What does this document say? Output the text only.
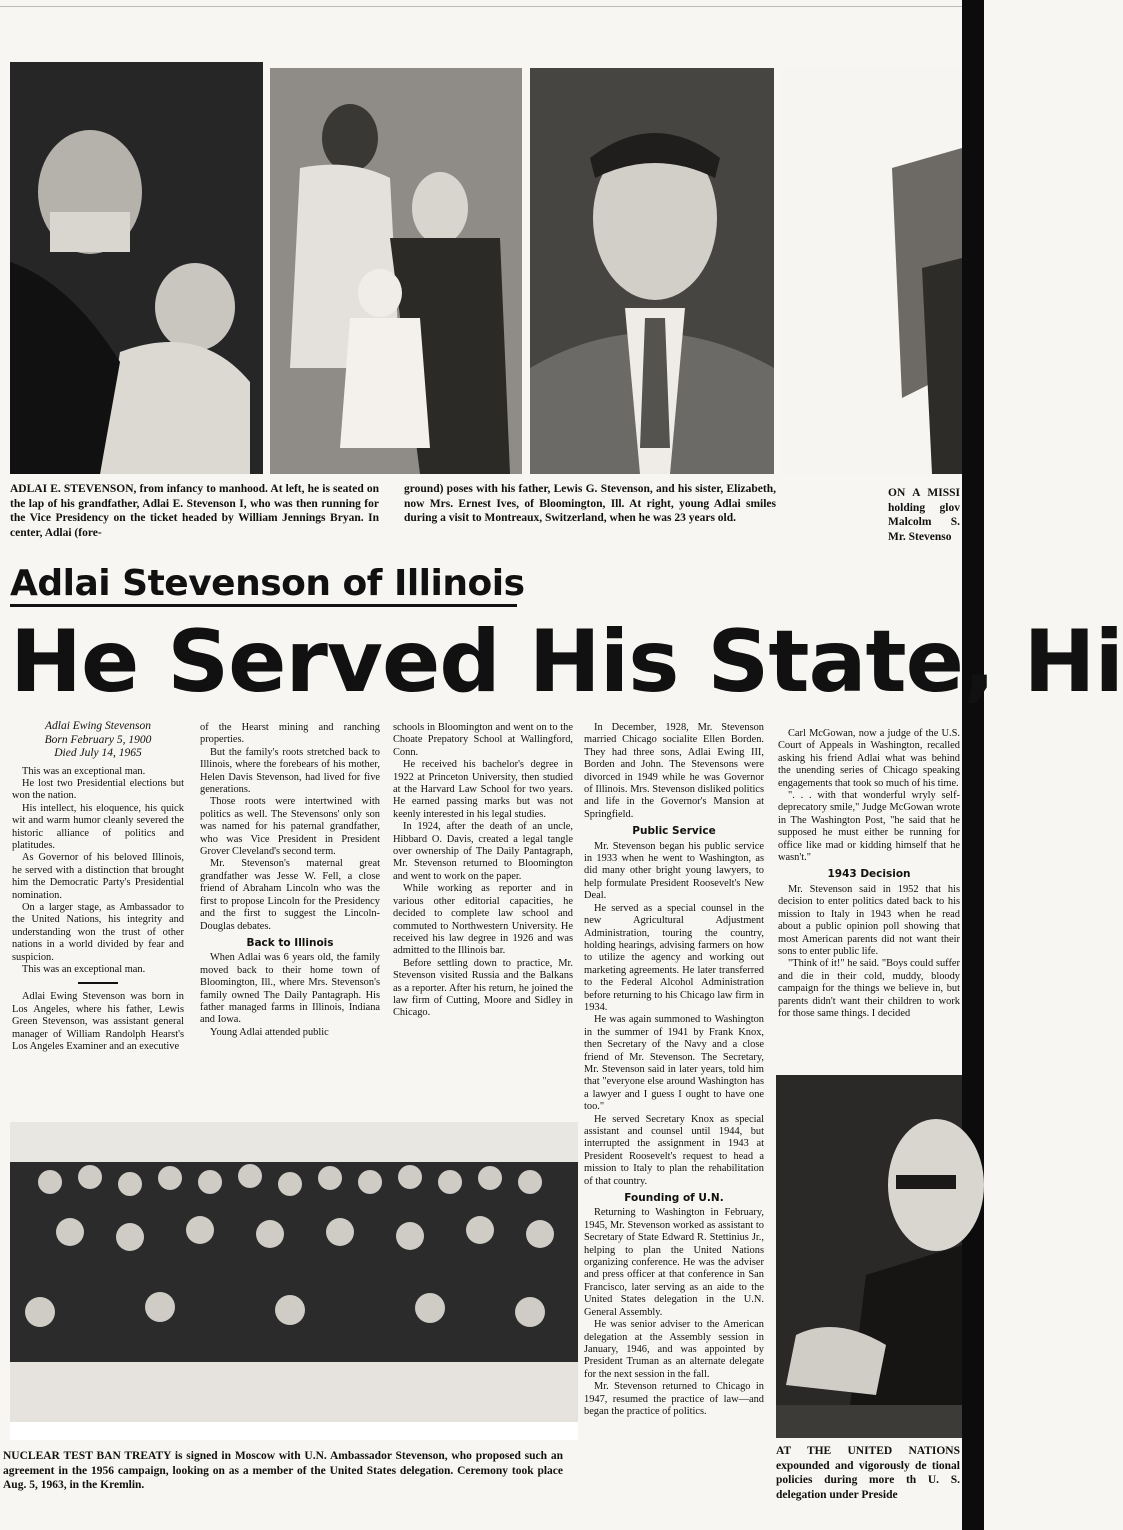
ADLAI E. STEVENSON, from infancy to manhood. At left, he is seated on the lap of his grandfather, Adlai E. Stevenson I, who was then running for the Vice Presidency on the ticket headed by William Jennings Bryan. In center, Adlai (fore-
ground) poses with his father, Lewis G. Stevenson, and his sister, Elizabeth, now Mrs. Ernest Ives, of Bloomington, Ill. At right, young Adlai smiles during a visit to Montreaux, Switzerland, when he was 23 years old.
ON A MISSI holding glov Malcolm S. Mr. Stevenso
Adlai Stevenson of Illinois
He Served His State, Hi
Adlai Ewing Stevenson
Born February 5, 1900
Died July 14, 1965

This was an exceptional man.

He lost two Presidential elections but won the nation.

His intellect, his eloquence, his quick wit and warm humor cleanly severed the historic alliance of politics and platitudes.

As Governor of his beloved Illinois, he served with a distinction that brought him the Democratic Party's Presidential nomination.

On a larger stage, as Ambassador to the United Nations, his integrity and understanding won the trust of other nations in a world divided by fear and suspicion.

This was an exceptional man.

Adlai Ewing Stevenson was born in Los Angeles, where his father, Lewis Green Stevenson, was assistant general manager of William Randolph Hearst's Los Angeles Examiner and an executive

of the Hearst mining and ranching properties.

But the family's roots stretched back to Illinois, where the forebears of his mother, Helen Davis Stevenson, had lived for five generations.

Those roots were intertwined with politics as well. The Stevensons' only son was named for his paternal grandfather, who was Vice President in President Grover Cleveland's second term.

Mr. Stevenson's maternal great grandfather was Jesse W. Fell, a close friend of Abraham Lincoln who was the first to propose Lincoln for the Presidency and the first to suggest the Lincoln-Douglas debates.

Back to Illinois

When Adlai was 6 years old, the family moved back to their home town of Bloomington, Ill., where Mrs. Stevenson's family owned The Daily Pantagraph. His father managed farms in Illinois, Indiana and Iowa.

Young Adlai attended public

schools in Bloomington and went on to the Choate Prepatory School at Wallingford, Conn.

He received his bachelor's degree in 1922 at Princeton University, then studied at the Harvard Law School for two years. He earned passing marks but was not keenly interested in his legal studies.

In 1924, after the death of an uncle, Hibbard O. Davis, created a legal tangle over ownership of The Daily Pantagraph, Mr. Stevenson returned to Bloomington and went to work on the paper.

While working as reporter and in various other editorial capacities, he decided to complete law school and commuted to Northwestern University. He received his law degree in 1926 and was admitted to the Illinois bar.

Before settling down to practice, Mr. Stevenson visited Russia and the Balkans as a reporter. After his return, he joined the law firm of Cutting, Moore and Sidley in Chicago.

In December, 1928, Mr. Stevenson married Chicago socialite Ellen Borden. They had three sons, Adlai Ewing III, Borden and John. The Stevensons were divorced in 1949 while he was Governor of Illinois. Mrs. Stevenson disliked politics and life in the Governor's Mansion at Springfield.

Public Service

Mr. Stevenson began his public service in 1933 when he went to Washington, as did many other bright young lawyers, to help formulate President Roosevelt's New Deal.

He served as a special counsel in the new Agricultural Adjustment Administration, touring the country, holding hearings, advising farmers on how to utilize the agency and working out marketing agreements. He later transferred to the Federal Alcohol Administration before returning to his Chicago law firm in 1934.

He was again summoned to Washington in the summer of 1941 by Frank Knox, then Secretary of the Navy and a close friend of Mr. Stevenson. The Secretary, Mr. Stevenson said in later years, told him that "everyone else around Washington has a lawyer and I guess I ought to have one too."

He served Secretary Knox as special assistant and counsel until 1944, but interrupted the assignment in 1943 at President Roosevelt's request to head a mission to Italy to plan the rehabilitation of that country.

Founding of U.N.

Returning to Washington in February, 1945, Mr. Stevenson worked as assistant to Secretary of State Edward R. Stettinius Jr., helping to plan the United Nations organizing conference. He was the adviser and press officer at that conference in San Francisco, later serving as an aide to the United States delegation in the U.N. General Assembly.

He was senior adviser to the American delegation at the Assembly session in January, 1946, and was appointed by President Truman as an alternate delegate for the next session in the fall.

Mr. Stevenson returned to Chicago in 1947, resumed the practice of law—and began the practice of politics.

Carl McGowan, now a judge of the U.S. Court of Appeals in Washington, recalled asking his friend Adlai what was behind the unending series of Chicago speaking engagements that took so much of his time.

". . . with that wonderful wryly self-deprecatory smile," Judge McGowan wrote in The Washington Post, "he said that he supposed he must either be running for office like mad or kidding himself that he wasn't."

1943 Decision

Mr. Stevenson said in 1952 that his decision to enter politics dated back to his mission to Italy in 1943 when he read about a public opinion poll showing that most American parents did not want their sons to enter public life.

"Think of it!" he said. "Boys could suffer and die in their cold, muddy, bloody campaign for the things we believe in, but parents didn't want their children to work for those same things. I decided

NUCLEAR TEST BAN TREATY is signed in Moscow with U.N. Ambassador Stevenson, who proposed such an agreement in the 1956 campaign, looking on as a member of the United States delegation. Ceremony took place Aug. 5, 1963, in the Kremlin.
AT THE UNITED NATIONS expounded and vigorously de tional policies during more th U. S. delegation under Preside
